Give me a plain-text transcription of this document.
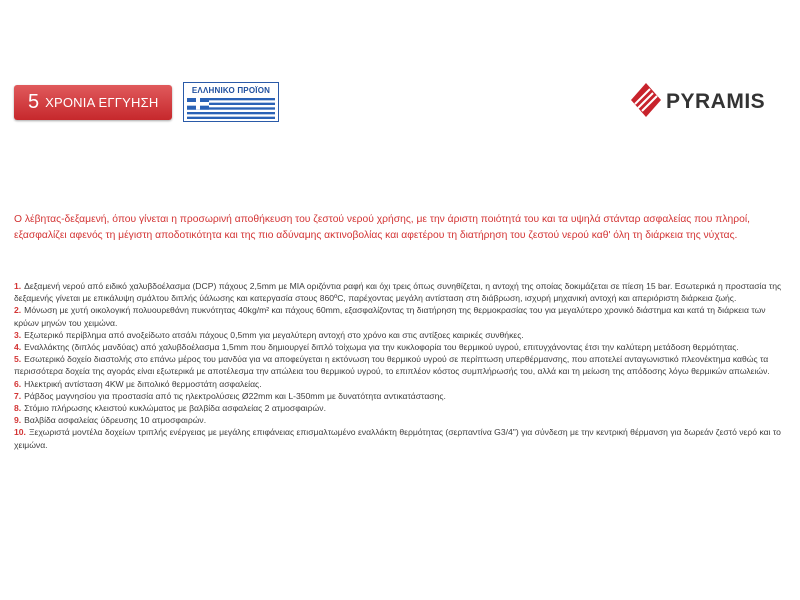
5 ΧΡΟΝΙΑ ΕΓΓΥΗΣΗ
ΕΛΛΗΝΙΚΟ ΠΡΟΪΟΝ	PYRAMIS

Ο λέβητας-δεξαμενή, όπου γίνεται η προσωρινή αποθήκευση του ζεστού νερού χρήσης, με την άριστη ποιότητά του και τα υψηλά στάνταρ ασφαλείας που πληροί, εξασφαλίζει αφενός τη μέγιστη αποδοτικότητα και της πιο αδύναμης ακτινοβολίας και αφετέρου τη διατήρηση του ζεστού νερού καθ' όλη τη διάρκεια της νύχτας.

1. Δεξαμενή νερού από ειδικό χαλυβδοέλασμα (DCP) πάχους 2,5mm με ΜΙΑ οριζόντια ραφή και όχι τρεις όπως συνηθίζεται, η αντοχή της οποίας δοκιμάζεται σε πίεση 15 bar. Εσωτερικά η προστασία της δεξαμενής γίνεται με επικάλυψη σμάλτου διπλής ύάλωσης και κατεργασία στους 860ºC, παρέχοντας μεγάλη αντίσταση στη διάβρωση, ισχυρή μηχανική αντοχή και απεριόριστη διάρκεια ζωής.
2. Μόνωση με χυτή οικολογική πολυουρεθάνη πυκνότητας 40kg/m² και πάχους 60mm, εξασφαλίζοντας τη διατήρηση της θερμοκρασίας του για μεγαλύτερο χρονικό διάστημα και κατά τη διάρκεια των κρύων μηνών του χειμώνα.
3. Εξωτερικό περίβλημα από ανοξείδωτο ατσάλι πάχους 0,5mm για μεγαλύτερη αντοχή στο χρόνο και στις αντίξοες καιρικές συνθήκες.
4. Εναλλάκτης (διπλός μανδύας) από χαλυβδοέλασμα 1,5mm που δημιουργεί διπλό τοίχωμα για την κυκλοφορία του θερμικού υγρού, επιτυγχάνοντας έτσι την καλύτερη μετάδοση θερμότητας.
5. Εσωτερικό δοχείο διαστολής στο επάνω μέρος του μανδύα για να αποφεύγεται η εκτόνωση του θερμικού υγρού σε περίπτωση υπερθέρμανσης, που αποτελεί ανταγωνιστικό πλεονέκτημα καθώς τα περισσότερα δοχεία της αγοράς είναι εξωτερικά με αποτέλεσμα την απώλεια του θερμικού υγρού, το επιπλέον κόστος συμπλήρωσής του, αλλά και τη μείωση της απόδοσης λόγω θερμικών απωλειών.
6. Ηλεκτρική αντίσταση 4KW με διπολικό θερμοστάτη ασφαλείας.
7. Ράβδος μαγνησίου για προστασία από τις ηλεκτρολύσεις Ø22mm και L-350mm με δυνατότητα αντικατάστασης.
8. Στόμιο πλήρωσης κλειστού κυκλώματος με βαλβίδα ασφαλείας 2 ατμοσφαιρών.
9. Βαλβίδα ασφαλείας ύδρευσης 10 ατμοσφαιρών.
10. Ξεχωριστά μοντέλα δοχείων τριπλής ενέργειας με μεγάλης επιφάνειας επισμαλτωμένο εναλλάκτη θερμότητας (σερπαντίνα G3/4") για σύνδεση με την κεντρική θέρμανση για δωρεάν ζεστό νερό και το χειμώνα.
